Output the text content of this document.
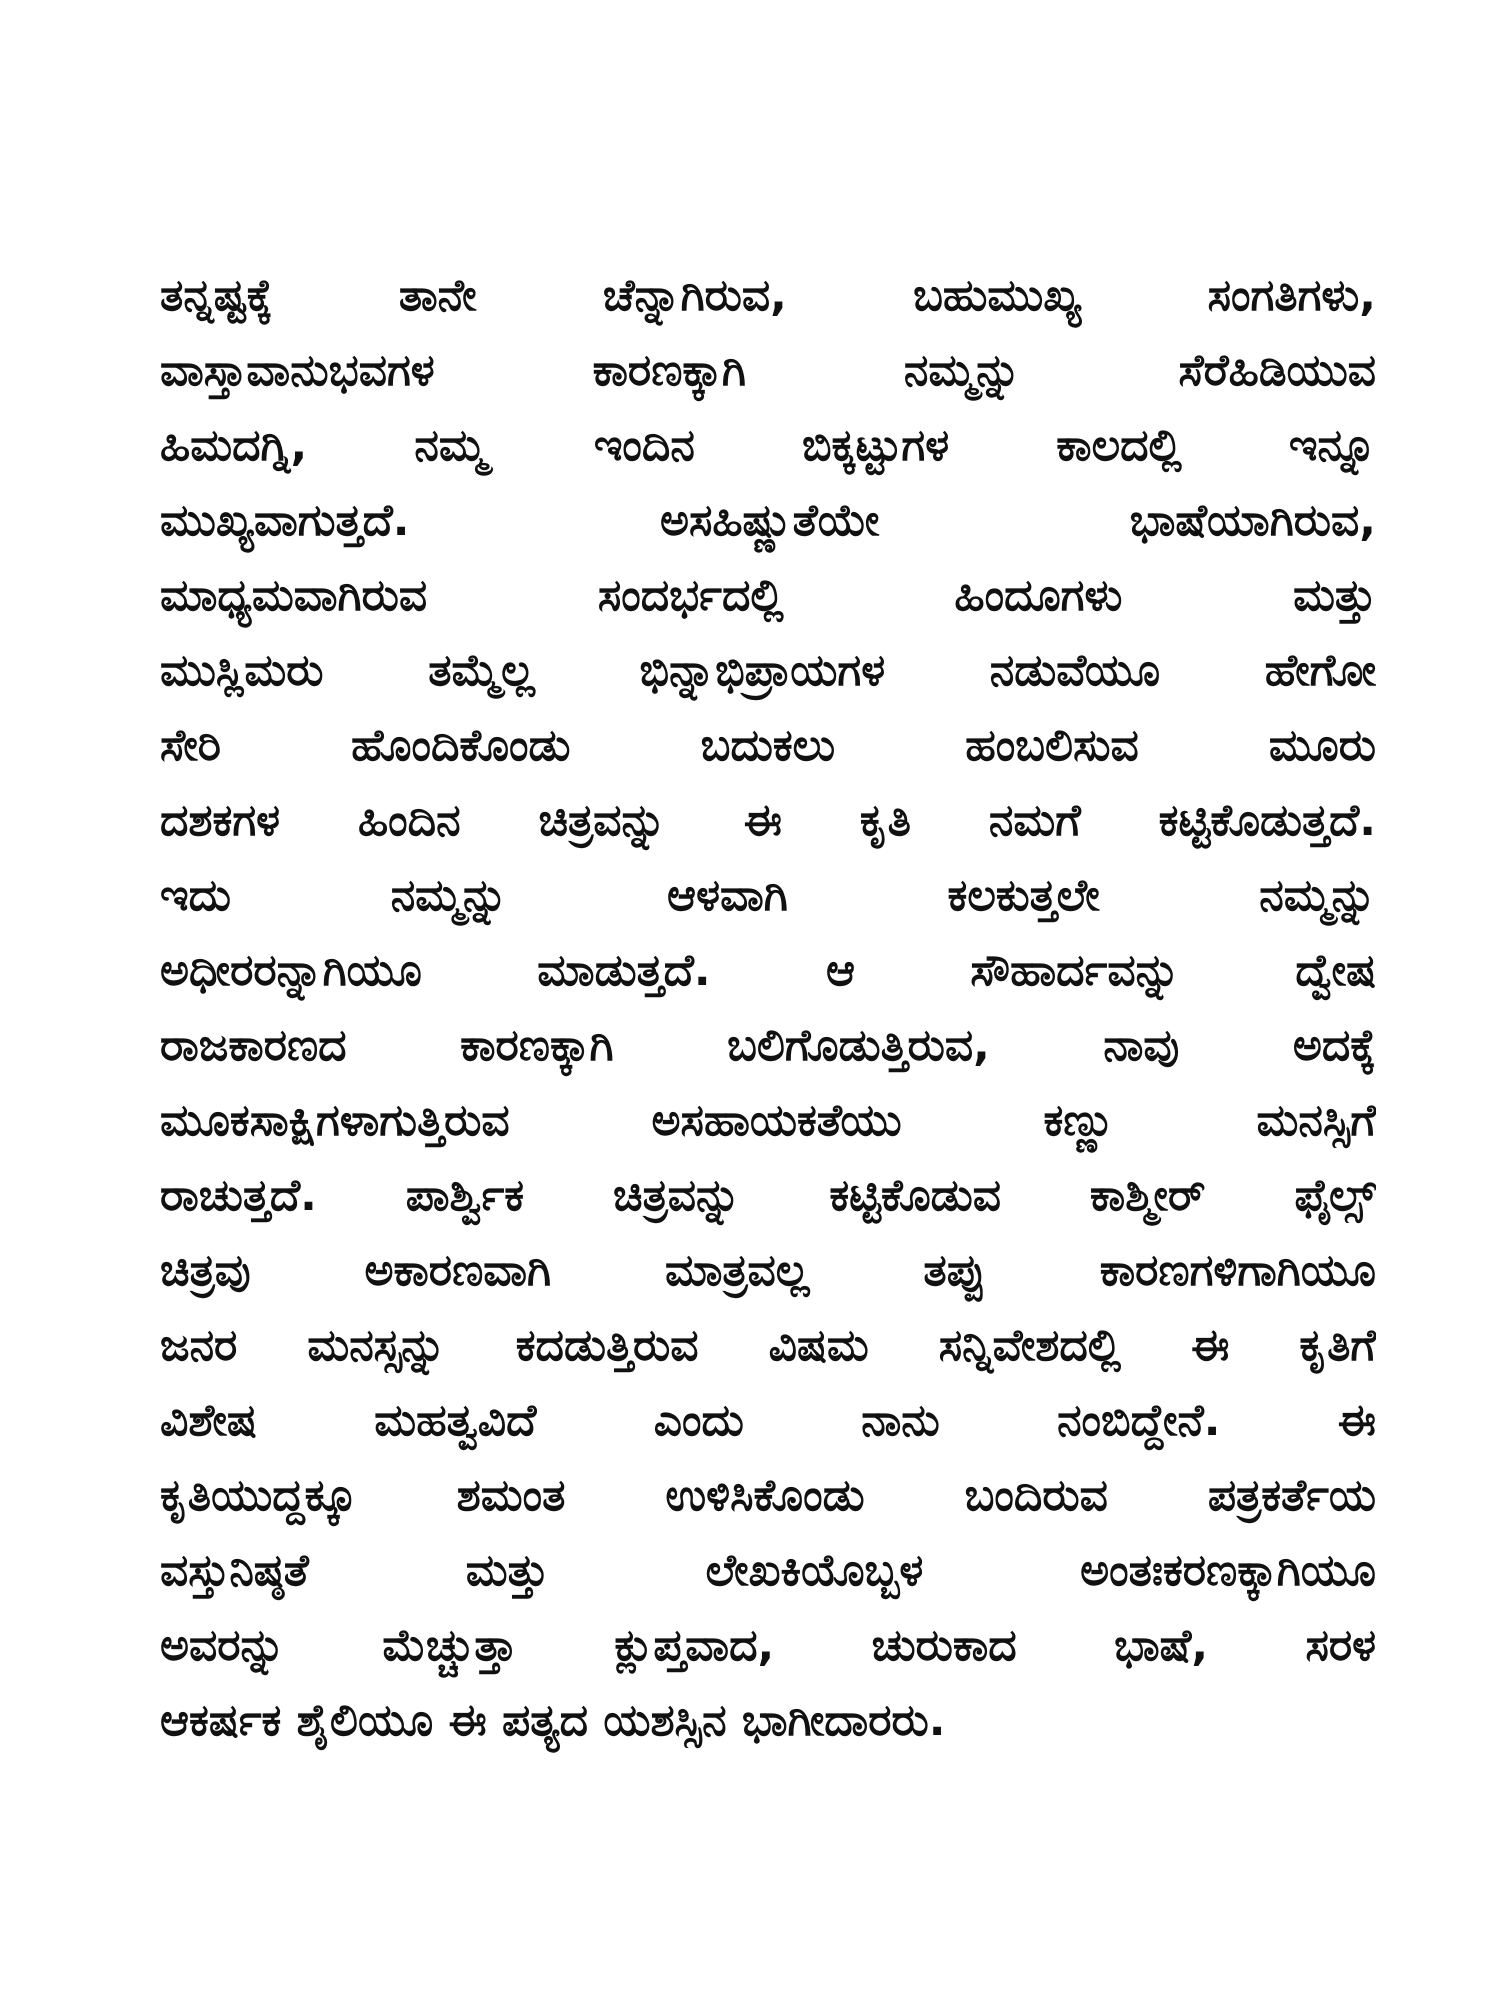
ತನ್ನಷ್ಟಕ್ಕೆ ತಾನೇ ಚೆನ್ನಾಗಿರುವ, ಬಹುಮುಖ್ಯ ಸಂಗತಿಗಳು,
ವಾಸ್ತಾವಾನುಭವಗಳ ಕಾರಣಕ್ಕಾಗಿ ನಮ್ಮನ್ನು ಸೆರೆಹಿಡಿಯುವ
ಹಿಮದಗ್ನಿ, ನಮ್ಮ ಇಂದಿನ ಬಿಕ್ಕಟ್ಟುಗಳ ಕಾಲದಲ್ಲಿ ಇನ್ನೂ
ಮುಖ್ಯವಾಗುತ್ತದೆ. ಅಸಹಿಷ್ಣುತೆಯೇ ಭಾಷೆಯಾಗಿರುವ,
ಮಾಧ್ಯಮವಾಗಿರುವ ಸಂದರ್ಭದಲ್ಲಿ ಹಿಂದೂಗಳು ಮತ್ತು
ಮುಸ್ಲಿಮರು ತಮ್ಮೆಲ್ಲ ಭಿನ್ನಾಭಿಪ್ರಾಯಗಳ ನಡುವೆಯೂ ಹೇಗೋ
ಸೇರಿ ಹೊಂದಿಕೊಂಡು ಬದುಕಲು ಹಂಬಲಿಸುವ ಮೂರು
ದಶಕಗಳ ಹಿಂದಿನ ಚಿತ್ರವನ್ನು ಈ ಕೃತಿ ನಮಗೆ ಕಟ್ಟಿಕೊಡುತ್ತದೆ.
ಇದು ನಮ್ಮನ್ನು ಆಳವಾಗಿ ಕಲಕುತ್ತಲೇ ನಮ್ಮನ್ನು
ಅಧೀರರನ್ನಾಗಿಯೂ ಮಾಡುತ್ತದೆ. ಆ ಸೌಹಾರ್ದವನ್ನು ದ್ವೇಷ
ರಾಜಕಾರಣದ ಕಾರಣಕ್ಕಾಗಿ ಬಲಿಗೊಡುತ್ತಿರುವ, ನಾವು ಅದಕ್ಕೆ
ಮೂಕಸಾಕ್ಷಿಗಳಾಗುತ್ತಿರುವ ಅಸಹಾಯಕತೆಯು ಕಣ್ಣು ಮನಸ್ಸಿಗೆ
ರಾಚುತ್ತದೆ. ಪಾರ್ಶ್ವಿಕ ಚಿತ್ರವನ್ನು ಕಟ್ಟಿಕೊಡುವ ಕಾಶ್ಮೀರ್ ಫೈಲ್ಸ್
ಚಿತ್ರವು ಅಕಾರಣವಾಗಿ ಮಾತ್ರವಲ್ಲ ತಪ್ಪು ಕಾರಣಗಳಿಗಾಗಿಯೂ
ಜನರ ಮನಸ್ಸನ್ನು ಕದಡುತ್ತಿರುವ ವಿಷಮ ಸನ್ನಿವೇಶದಲ್ಲಿ ಈ ಕೃತಿಗೆ
ವಿಶೇಷ ಮಹತ್ವವಿದೆ ಎಂದು ನಾನು ನಂಬಿದ್ದೇನೆ. ಈ
ಕೃತಿಯುದ್ದಕ್ಕೂ ಶಮಂತ ಉಳಿಸಿಕೊಂಡು ಬಂದಿರುವ ಪತ್ರಕರ್ತೆಯ
ವಸ್ತುನಿಷ್ಠತೆ ಮತ್ತು ಲೇಖಕಿಯೊಬ್ಬಳ ಅಂತಃಕರಣಕ್ಕಾಗಿಯೂ
ಅವರನ್ನು ಮೆಚ್ಚುತ್ತಾ ಕ್ಲುಪ್ತವಾದ, ಚುರುಕಾದ ಭಾಷೆ, ಸರಳ
ಆಕರ್ಷಕ ಶೈಲಿಯೂ ಈ ಪತ್ಯದ ಯಶಸ್ಸಿನ ಭಾಗೀದಾರರು.
